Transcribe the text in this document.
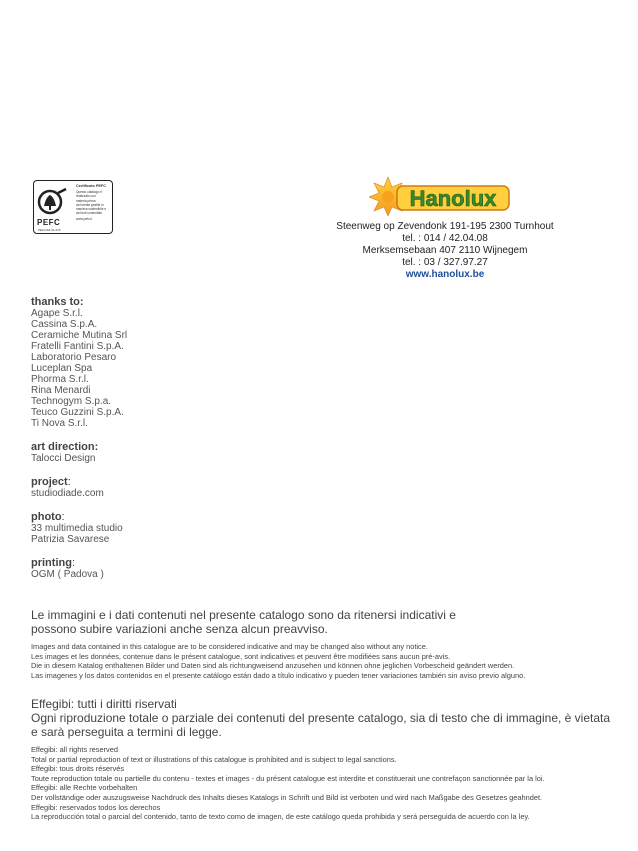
PEFC
PEFC/18-31-215
Certificato PEFC
Questo catalogo è
realizzato con
materia prima
da foreste gestite in
maniera sostenibile e
da fonti controllate
www.pefc.it
Hanolux
Steenweg op Zevendonk 191-195 2300 Turnhout
tel. : 014 / 42.04.08
Merksemsebaan 407 2110 Wijnegem
tel. : 03 / 327.97.27
www.hanolux.be
thanks to:
Agape S.r.l.
Cassina S.p.A.
Ceramiche Mutina Srl
Fratelli Fantini S.p.A.
Laboratorio Pesaro
Luceplan Spa
Phorma S.r.l.
Rina Menardi
Technogym S.p.a.
Teuco Guzzini S.p.A.
Ti Nova S.r.l.
art direction:
Talocci Design
project:
studiodiade.com
photo:
33 multimedia studio
Patrizia Savarese
printing:
OGM ( Padova )
Le immagini e i dati contenuti nel presente catalogo sono da ritenersi indicativi e
possono subire variazioni anche senza alcun preavviso.
Images and data contained in this catalogue are to be considered indicative and may be changed also without any notice.
Les images et les données, contenue dans le présent catalogue, sont indicatives et peuvent être modifiées sans aucun pré-avis.
Die in diesem Katalog enthaltenen Bilder und Daten sind als richtungweisend anzusehen und können ohne jeglichen Vorbescheid geändert werden.
Las imagenes y los datos contenidos en el presente catálogo están dado a título indicativo y pueden tener variaciones también sin aviso previo alguno.
Effegibi: tutti i diritti riservati
Ogni riproduzione totale o parziale dei contenuti del presente catalogo, sia di testo che di immagine, è vietata e sarà perseguita a termini di legge.
Effegibi: all rights reserved
Total or partial reproduction of text or illustrations of this catalogue is prohibited and is subject to legal sanctions.
Effegibi: tous droits réservés
Toute reproduction totale ou partielle du contenu - textes et images - du présent catalogue est interdite et constituerait une contrefaçon sanctionnée par la loi.
Effegibi: alle Rechte vorbehalten
Der vollständige oder auszugsweise Nachdruck des Inhalts dieses Katalogs in Schrift und Bild ist verboten und wird nach Maßgabe des Gesetzes geahndet.
Effegibi: reservados todos los derechos
La reproducción total o parcial del contenido, tanto de texto como de imagen, de este catálogo queda prohibida y será perseguida de acuerdo con la ley.
